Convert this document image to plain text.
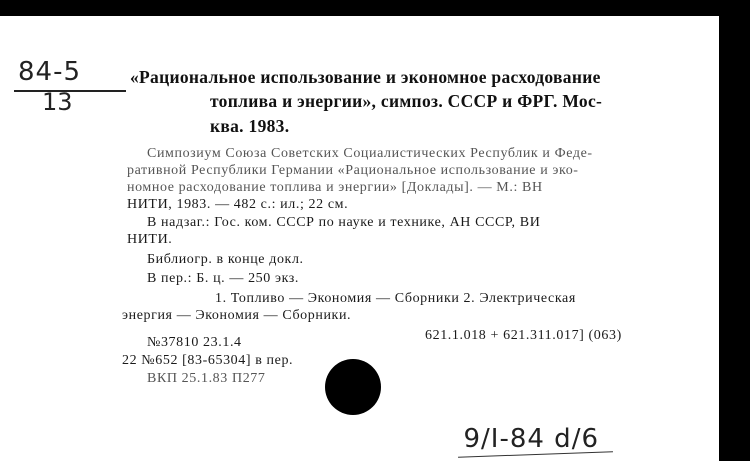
84-5
13
«Рациональное использование и экономное расходование
топлива и энергии», симпоз. СССР и ФРГ. Мос-
ква. 1983.
Симпозиум Союза Советских Социалистических Республик и Феде-
ративной Республики Германии «Рациональное использование и эко-
номное расходование топлива и энергии» [Доклады]. — М.: ВН
НИТИ, 1983. — 482 с.: ил.; 22 см.
В надзаг.: Гос. ком. СССР по науке и технике, АН СССР, ВИ
НИТИ.
Библиогр. в конце докл.
В пер.: Б. ц. — 250 экз.
1. Топливо — Экономия — Сборники 2. Электрическая
энергия — Экономия — Сборники.
621.1.018 + 621.311.017] (063)
№37810 23.1.4
22 №652 [83-65304] в пер.
ВКП 25.1.83 П277
9/I-84 d/6
